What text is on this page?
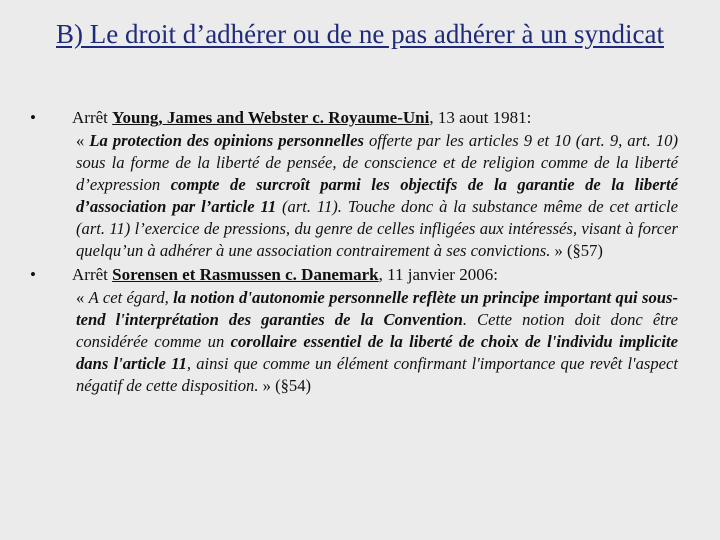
B) Le droit d’adhérer ou de ne pas adhérer à un syndicat
•	Arrêt Young, James and Webster c. Royaume-Uni, 13 aout 1981:
« La protection des opinions personnelles offerte par les articles 9 et 10 (art. 9, art. 10) sous la forme de la liberté de pensée, de conscience et de religion comme de la liberté d’expression compte de surcroît parmi les objectifs de la garantie de la liberté d’association par l’article 11 (art. 11). Touche donc à la substance même de cet article (art. 11) l’exercice de pressions, du genre de celles infligées aux intéressés, visant à forcer quelqu’un à adhérer à une association contrairement à ses convictions. » (§57)
•	Arrêt Sorensen et Rasmussen c. Danemark, 11 janvier 2006:
« A cet égard, la notion d'autonomie personnelle reflète un principe important qui sous-tend l'interprétation des garanties de la Convention. Cette notion doit donc être considérée comme un corollaire essentiel de la liberté de choix de l'individu implicite dans l'article 11, ainsi que comme un élément confirmant l'importance que revêt l'aspect négatif de cette disposition. » (§54)
